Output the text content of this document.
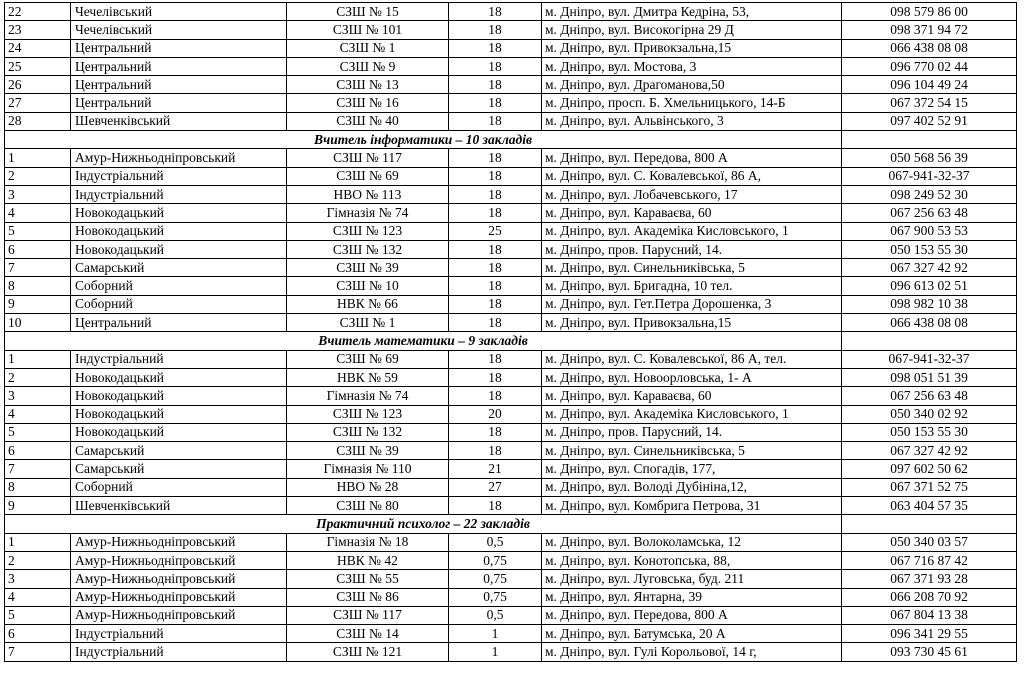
22	Чечелівський	СЗШ № 15	18	м. Дніпро, вул. Дмитра Кедріна, 53,	098 579 86 00
23	Чечелівський	СЗШ № 101	18	м. Дніпро, вул. Високогірна 29 Д	098 371 94 72
24	Центральний	СЗШ № 1	18	м. Дніпро, вул. Привокзальна,15	066 438 08 08
25	Центральний	СЗШ № 9	18	м. Дніпро, вул. Мостова, 3	096 770 02 44
26	Центральний	СЗШ № 13	18	м. Дніпро, вул. Драгоманова,50	096 104 49 24
27	Центральний	СЗШ № 16	18	м. Дніпро, просп. Б. Хмельницького, 14-Б	067 372 54 15
28	Шевченківський	СЗШ № 40	18	м. Дніпро, вул. Альвінського, 3	097 402 52 91
Вчитель інформатики – 10 закладів					
1	Амур-Нижньодніпровський	СЗШ № 117	18	м. Дніпро, вул. Передова, 800 А	050 568 56 39
2	Індустріальний	СЗШ № 69	18	м. Дніпро, вул. С. Ковалевської, 86 А,	067-941-32-37
3	Індустріальний	НВО № 113	18	м. Дніпро, вул. Лобачевського, 17	098 249 52 30
4	Новокодацький	Гімназія № 74	18	м. Дніпро, вул. Караваєва, 60	067 256 63 48
5	Новокодацький	СЗШ № 123	25	м. Дніпро, вул. Академіка Кисловського, 1	067 900 53 53
6	Новокодацький	СЗШ № 132	18	м. Дніпро, пров. Парусний, 14.	050 153 55 30
7	Самарський	СЗШ № 39	18	м. Дніпро, вул. Синельниківська, 5	067 327 42 92
8	Соборний	СЗШ № 10	18	м. Дніпро, вул. Бригадна, 10 тел.	096 613 02 51
9	Соборний	НВК № 66	18	м. Дніпро, вул. Гет.Петра Дорошенка, 3	098 982 10 38
10	Центральний	СЗШ № 1	18	м. Дніпро, вул. Привокзальна,15	066 438 08 08
Вчитель математики – 9 закладів					
1	Індустріальний	СЗШ № 69	18	м. Дніпро, вул. С. Ковалевської, 86 А, тел.	067-941-32-37
2	Новокодацький	НВК № 59	18	м. Дніпро, вул. Новоорловська, 1- А	098 051 51 39
3	Новокодацький	Гімназія № 74	18	м. Дніпро, вул. Караваєва, 60	067 256 63 48
4	Новокодацький	СЗШ № 123	20	м. Дніпро, вул. Академіка Кисловського, 1	050 340 02 92
5	Новокодацький	СЗШ № 132	18	м. Дніпро, пров. Парусний, 14.	050 153 55 30
6	Самарський	СЗШ № 39	18	м. Дніпро, вул. Синельниківська, 5	067 327 42 92
7	Самарський	Гімназія № 110	21	м. Дніпро, вул. Спогадів, 177,	097 602 50 62
8	Соборний	НВО № 28	27	м. Дніпро, вул. Володі Дубініна,12,	067 371 52 75
9	Шевченківський	СЗШ № 80	18	м. Дніпро, вул. Комбрига Петрова, 31	063 404 57 35
Практичний психолог – 22 закладів					
1	Амур-Нижньодніпровський	Гімназія № 18	0,5	м. Дніпро, вул. Волоколамська, 12	050 340 03 57
2	Амур-Нижньодніпровський	НВК № 42	0,75	м. Дніпро, вул. Конотопська, 88,	067 716 87 42
3	Амур-Нижньодніпровський	СЗШ № 55	0,75	м. Дніпро, вул. Луговська, буд. 211	067 371 93 28
4	Амур-Нижньодніпровський	СЗШ № 86	0,75	м. Дніпро, вул. Янтарна, 39	066 208 70 92
5	Амур-Нижньодніпровський	СЗШ № 117	0,5	м. Дніпро, вул. Передова, 800 А	067 804 13 38
6	Індустріальний	СЗШ № 14	1	м. Дніпро, вул. Батумська, 20 А	096 341 29 55
7	Індустріальний	СЗШ № 121	1	м. Дніпро, вул. Гулі Корольової, 14 г,	093 730 45 61
